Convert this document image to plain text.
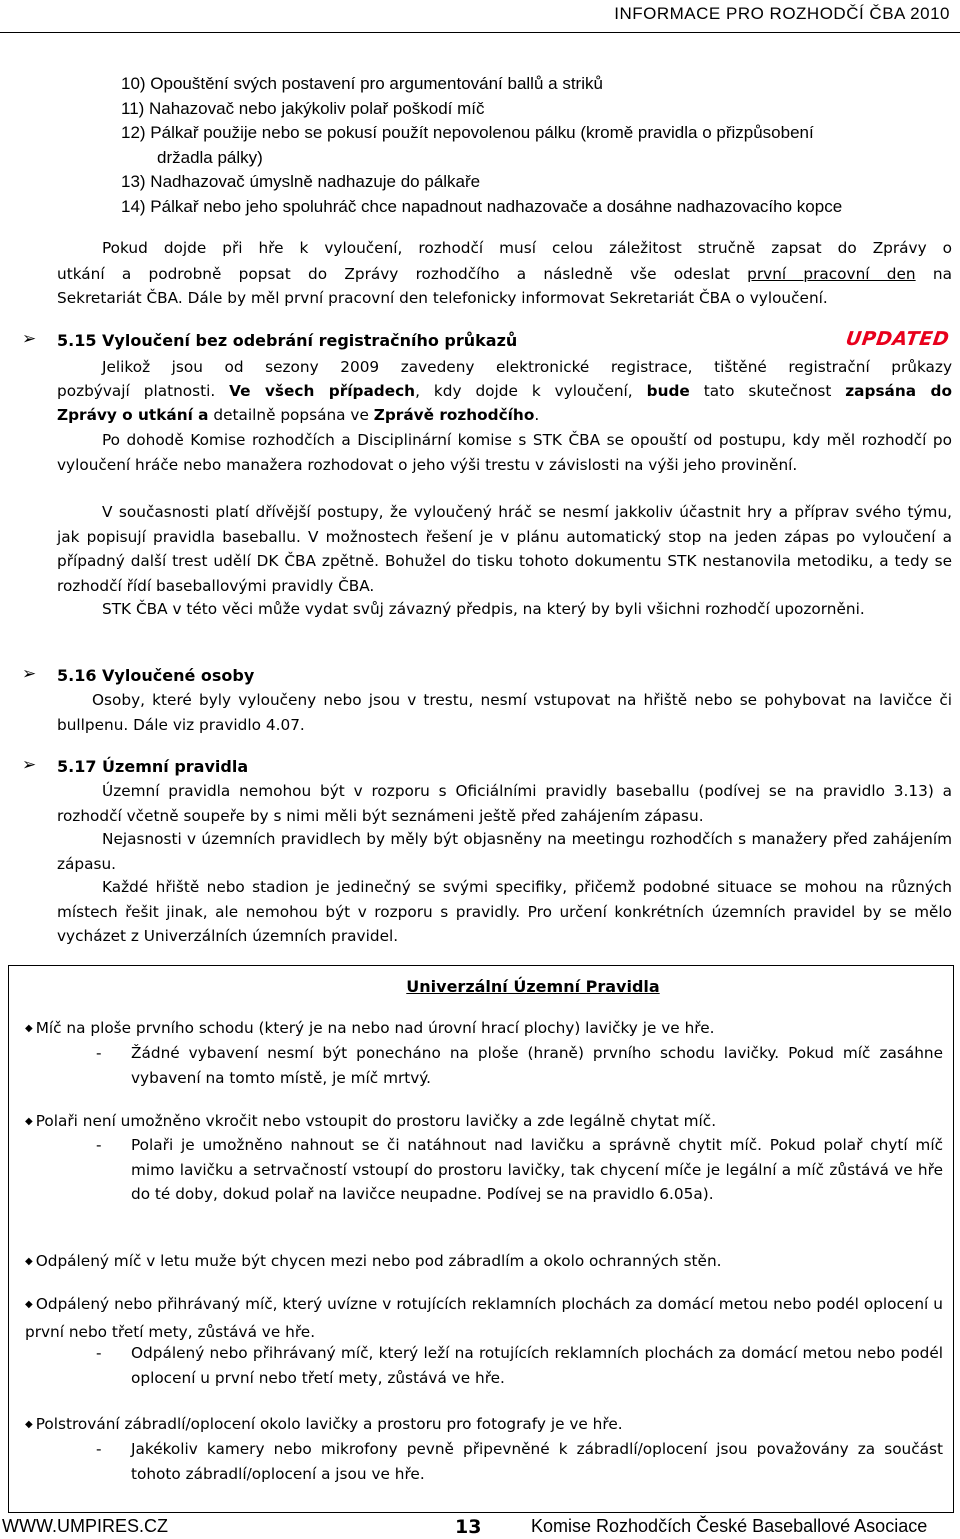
INFORMACE PRO ROZHODČÍ ČBA 2010
10) Opouštění svých postavení pro argumentování ballů a striků
11) Nahazovač nebo jakýkoliv polař poškodí míč
12) Pálkař použije nebo se pokusí použít nepovolenou pálku (kromě pravidla o přizpůsobení
držadla pálky)
13) Nadhazovač úmyslně nadhazuje do pálkaře
14) Pálkař nebo jeho spoluhráč chce napadnout nadhazovače a dosáhne nadhazovacího kopce
Pokud dojde při hře k vyloučení, rozhodčí musí celou záležitost stručně zapsat do Zprávy o
utkání a podrobně popsat do Zprávy rozhodčího a následně vše odeslat první pracovní den na
Sekretariát ČBA. Dále by měl první pracovní den telefonicky informovat Sekretariát ČBA o vyloučení.
➢ 5.15 Vyloučení bez odebrání registračního průkazů	UPDATED
Jelikož jsou od sezony 2009 zavedeny elektronické registrace, tištěné registrační průkazy
pozbývají platnosti. Ve všech případech, kdy dojde k vyloučení, bude tato skutečnost zapsána do
Zprávy o utkání a detailně popsána ve Zprávě rozhodčího.
Po dohodě Komise rozhodčích a Disciplinární komise s STK ČBA se opouští od postupu, kdy měl rozhodčí po vyloučení hráče nebo manažera rozhodovat o jeho výši trestu v závislosti na výši jeho provinění.
V současnosti platí dřívější postupy, že vyloučený hráč se nesmí jakkoliv účastnit hry a příprav svého týmu, jak popisují pravidla baseballu. V možnostech řešení je v plánu automatický stop na jeden zápas po vyloučení a případný další trest udělí DK ČBA zpětně. Bohužel do tisku tohoto dokumentu STK nestanovila metodiku, a tedy se rozhodčí řídí baseballovými pravidly ČBA.
STK ČBA v této věci může vydat svůj závazný předpis, na který by byli všichni rozhodčí upozorněni.
➢ 5.16 Vyloučené osoby
Osoby, které byly vyloučeny nebo jsou v trestu, nesmí vstupovat na hřiště nebo se pohybovat na lavičce či bullpenu. Dále viz pravidlo 4.07.
➢ 5.17 Územní pravidla
Územní pravidla nemohou být v rozporu s Oficiálními pravidly baseballu (podívej se na pravidlo 3.13) a rozhodčí včetně soupeře by s nimi měli být seznámeni ještě před zahájením zápasu.
Nejasnosti v územních pravidlech by měly být objasněny na meetingu rozhodčích s manažery před zahájením zápasu.
Každé hřiště nebo stadion je jedinečný se svými specifiky, přičemž podobné situace se mohou na různých místech řešit jinak, ale nemohou být v rozporu s pravidly. Pro určení konkrétních územních pravidel by se mělo vycházet z Univerzálních územních pravidel.
Univerzální Územní Pravidla
◆ Míč na ploše prvního schodu (který je na nebo nad úrovní hrací plochy) lavičky je ve hře.
- Žádné vybavení nesmí být ponecháno na ploše (hraně) prvního schodu lavičky. Pokud míč zasáhne vybavení na tomto místě, je míč mrtvý.
◆ Polaři není umožněno vkročit nebo vstoupit do prostoru lavičky a zde legálně chytat míč.
- Polaři je umožněno nahnout se či natáhnout nad lavičku a správně chytit míč. Pokud polař chytí míč mimo lavičku a setrvačností vstoupí do prostoru lavičky, tak chycení míče je legální a míč zůstává ve hře do té doby, dokud polař na lavičce neupadne. Podívej se na pravidlo 6.05a).
◆ Odpálený míč v letu muže být chycen mezi nebo pod zábradlím a okolo ochranných stěn.
◆ Odpálený nebo přihrávaný míč, který uvízne v rotujících reklamních plochách za domácí metou nebo podél oplocení u první nebo třetí mety, zůstává ve hře.
- Odpálený nebo přihrávaný míč, který leží na rotujících reklamních plochách za domácí metou nebo podél oplocení u první nebo třetí mety, zůstává ve hře.
◆ Polstrování zábradlí/oplocení okolo lavičky a prostoru pro fotografy je ve hře.
- Jakékoliv kamery nebo mikrofony pevně připevněné k zábradlí/oplocení jsou považovány za součást tohoto zábradlí/oplocení a jsou ve hře.
WWW.UMPIRES.CZ	13	Komise Rozhodčích České Baseballové Asociace
